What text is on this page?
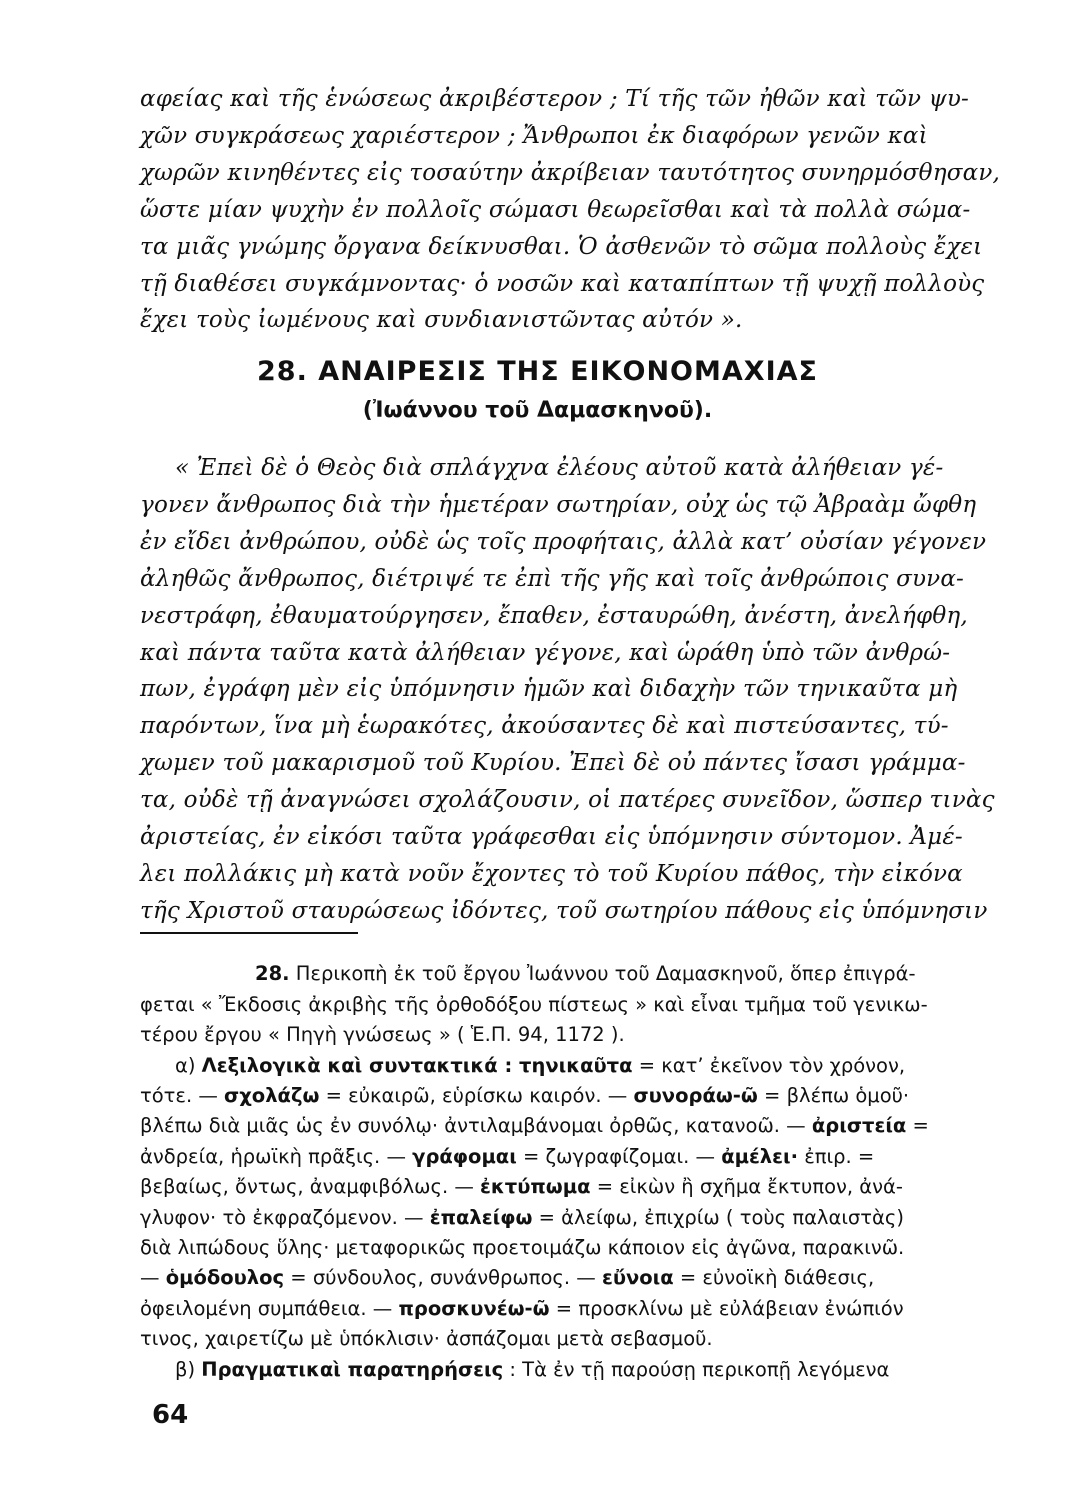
αφείας καὶ τῆς ἑνώσεως ἀκριβέστερον ; Τί τῆς τῶν ἠθῶν καὶ τῶν ψυ-
χῶν συγκράσεως χαριέστερον ; Ἄνθρωποι ἐκ διαφόρων γενῶν καὶ
χωρῶν κινηθέντες εἰς τοσαύτην ἀκρίβειαν ταυτότητος συνηρμόσθησαν,
ὥστε μίαν ψυχὴν ἐν πολλοῖς σώμασι θεωρεῖσθαι καὶ τὰ πολλὰ σώμα-
τα μιᾶς γνώμης ὄργανα δείκνυσθαι. Ὁ ἀσθενῶν τὸ σῶμα πολλοὺς ἔχει
τῇ διαθέσει συγκάμνοντας· ὁ νοσῶν καὶ καταπίπτων τῇ ψυχῇ πολλοὺς
ἔχει τοὺς ἰωμένους καὶ συνδιανιστῶντας αὐτόν ».
28. ΑΝΑΙΡΕΣΙΣ ΤΗΣ ΕΙΚΟΝΟΜΑΧΙΑΣ
(Ἰωάννου τοῦ Δαμασκηνοῦ).
« Ἐπεὶ δὲ ὁ Θεὸς διὰ σπλάγχνα ἐλέους αὐτοῦ κατὰ ἀλήθειαν γέ-
γονεν ἄνθρωπος διὰ τὴν ἡμετέραν σωτηρίαν, οὐχ ὡς τῷ Ἀβραὰμ ὤφθη
ἐν εἴδει ἀνθρώπου, οὐδὲ ὡς τοῖς προφήταις, ἀλλὰ κατ’ οὐσίαν γέγονεν
ἀληθῶς ἄνθρωπος, διέτριψέ τε ἐπὶ τῆς γῆς καὶ τοῖς ἀνθρώποις συνα-
νεστράφη, ἐθαυματούργησεν, ἔπαθεν, ἐσταυρώθη, ἀνέστη, ἀνελήφθη,
καὶ πάντα ταῦτα κατὰ ἀλήθειαν γέγονε, καὶ ὡράθη ὑπὸ τῶν ἀνθρώ-
πων, ἐγράφη μὲν εἰς ὑπόμνησιν ἡμῶν καὶ διδαχὴν τῶν τηνικαῦτα μὴ
παρόντων, ἵνα μὴ ἑωρακότες, ἀκούσαντες δὲ καὶ πιστεύσαντες, τύ-
χωμεν τοῦ μακαρισμοῦ τοῦ Κυρίου. Ἐπεὶ δὲ οὐ πάντες ἴσασι γράμμα-
τα, οὐδὲ τῇ ἀναγνώσει σχολάζουσιν, οἱ πατέρες συνεῖδον, ὥσπερ τινὰς
ἀριστείας, ἐν εἰκόσι ταῦτα γράφεσθαι εἰς ὑπόμνησιν σύντομον. Ἀμέ-
λει πολλάκις μὴ κατὰ νοῦν ἔχοντες τὸ τοῦ Κυρίου πάθος, τὴν εἰκόνα
τῆς Χριστοῦ σταυρώσεως ἰδόντες, τοῦ σωτηρίου πάθους εἰς ὑπόμνησιν
28. Περικοπὴ ἐκ τοῦ ἔργου Ἰωάννου τοῦ Δαμασκηνοῦ, ὅπερ ἐπιγρά-
φεται « Ἔκδοσις ἀκριβὴς τῆς ὀρθοδόξου πίστεως » καὶ εἶναι τμῆμα τοῦ γενικω-
τέρου ἔργου « Πηγὴ γνώσεως » ( Ἑ.Π. 94, 1172 ).
α) Λεξιλογικὰ καὶ συντακτικά : τηνικαῦτα = κατ’ ἐκεῖνον τὸν χρόνον,
τότε. — σχολάζω = εὐκαιρῶ, εὑρίσκω καιρόν. — συνοράω-ῶ = βλέπω ὁμοῦ·
βλέπω διὰ μιᾶς ὡς ἐν συνόλῳ· ἀντιλαμβάνομαι ὀρθῶς, κατανοῶ. — ἀριστεία =
ἀνδρεία, ἡρωϊκὴ πρᾶξις. — γράφομαι = ζωγραφίζομαι. — ἀμέλει· ἐπιρ. =
βεβαίως, ὄντως, ἀναμφιβόλως. — ἐκτύπωμα = εἰκὼν ἢ σχῆμα ἔκτυπον, ἀνά-
γλυφον· τὸ ἐκφραζόμενον. — ἐπαλείφω = ἀλείφω, ἐπιχρίω ( τοὺς παλαιστὰς)
διὰ λιπώδους ὕλης· μεταφορικῶς προετοιμάζω κάποιον εἰς ἀγῶνα, παρακινῶ.
— ὁμόδουλος = σύνδουλος, συνάνθρωπος. — εὔνοια = εὐνοϊκὴ διάθεσις,
ὀφειλομένη συμπάθεια. — προσκυνέω-ῶ = προσκλίνω μὲ εὐλάβειαν ἐνώπιόν
τινος, χαιρετίζω μὲ ὑπόκλισιν· ἀσπάζομαι μετὰ σεβασμοῦ.
β) Πραγματικαὶ παρατηρήσεις : Τὰ ἐν τῇ παρούσῃ περικοπῇ λεγόμενα
64
